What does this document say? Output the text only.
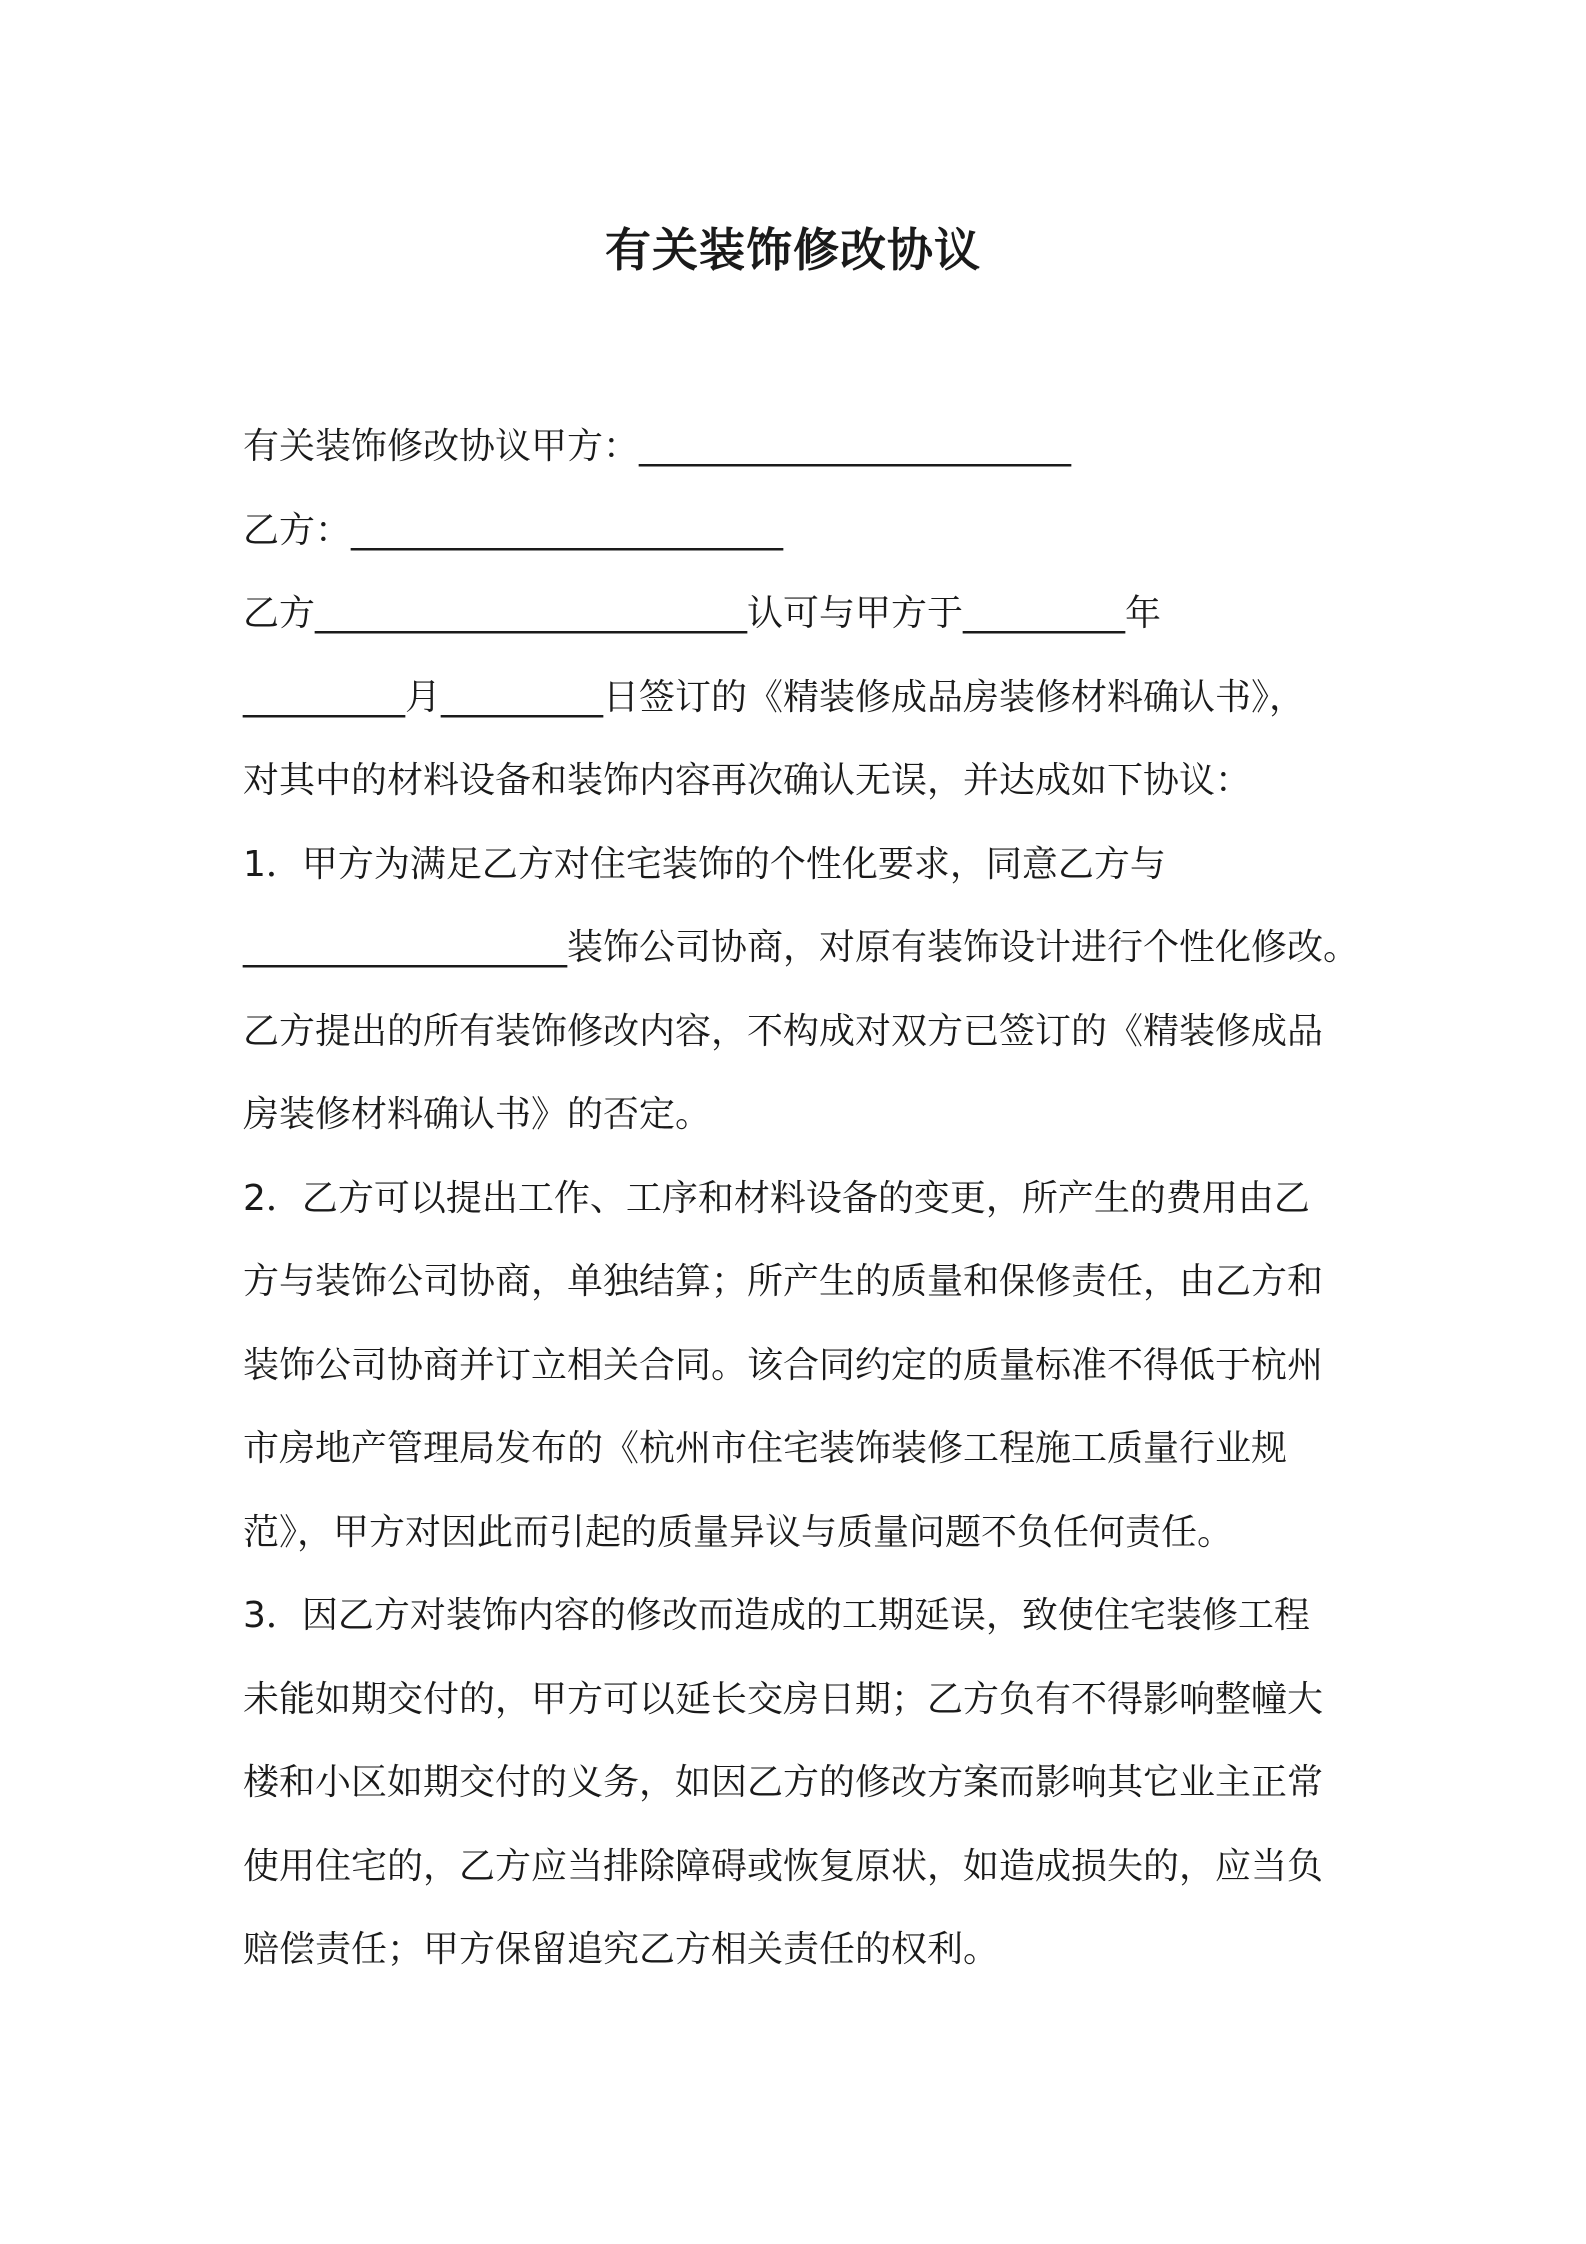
有关装饰修改协议
有关装饰修改协议甲方：________________________
乙方：________________________
乙方________________________认可与甲方于_________年
_________月_________日签订的《精装修成品房装修材料确认书》，
对其中的材料设备和装饰内容再次确认无误，并达成如下协议：
1．甲方为满足乙方对住宅装饰的个性化要求，同意乙方与
__________________装饰公司协商，对原有装饰设计进行个性化修改。
乙方提出的所有装饰修改内容，不构成对双方已签订的《精装修成品
房装修材料确认书》的否定。
2．乙方可以提出工作、工序和材料设备的变更，所产生的费用由乙
方与装饰公司协商，单独结算；所产生的质量和保修责任，由乙方和
装饰公司协商并订立相关合同。该合同约定的质量标准不得低于杭州
市房地产管理局发布的《杭州市住宅装饰装修工程施工质量行业规
范》，甲方对因此而引起的质量异议与质量问题不负任何责任。
3．因乙方对装饰内容的修改而造成的工期延误，致使住宅装修工程
未能如期交付的，甲方可以延长交房日期；乙方负有不得影响整幢大
楼和小区如期交付的义务，如因乙方的修改方案而影响其它业主正常
使用住宅的，乙方应当排除障碍或恢复原状，如造成损失的，应当负
赔偿责任；甲方保留追究乙方相关责任的权利。
